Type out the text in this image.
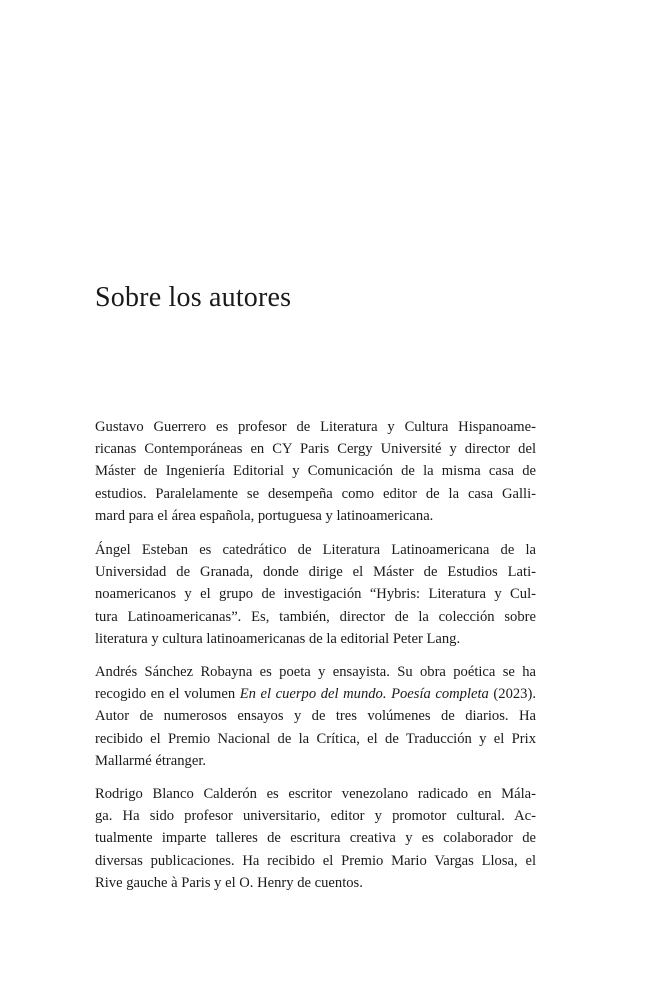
Sobre los autores

Gustavo Guerrero es profesor de Literatura y Cultura Hispanoame-
ricanas Contemporáneas en CY Paris Cergy Université y director del
Máster de Ingeniería Editorial y Comunicación de la misma casa de
estudios. Paralelamente se desempeña como editor de la casa Galli-
mard para el área española, portuguesa y latinoamericana.

Ángel Esteban es catedrático de Literatura Latinoamericana de la
Universidad de Granada, donde dirige el Máster de Estudios Lati-
noamericanos y el grupo de investigación “Hybris: Literatura y Cul-
tura Latinoamericanas”. Es, también, director de la colección sobre
literatura y cultura latinoamericanas de la editorial Peter Lang.

Andrés Sánchez Robayna es poeta y ensayista. Su obra poética se ha
recogido en el volumen En el cuerpo del mundo. Poesía completa (2023).
Autor de numerosos ensayos y de tres volúmenes de diarios. Ha
recibido el Premio Nacional de la Crítica, el de Traducción y el Prix
Mallarmé étranger.

Rodrigo Blanco Calderón es escritor venezolano radicado en Mála-
ga. Ha sido profesor universitario, editor y promotor cultural. Ac-
tualmente imparte talleres de escritura creativa y es colaborador de
diversas publicaciones. Ha recibido el Premio Mario Vargas Llosa, el
Rive gauche à Paris y el O. Henry de cuentos.
